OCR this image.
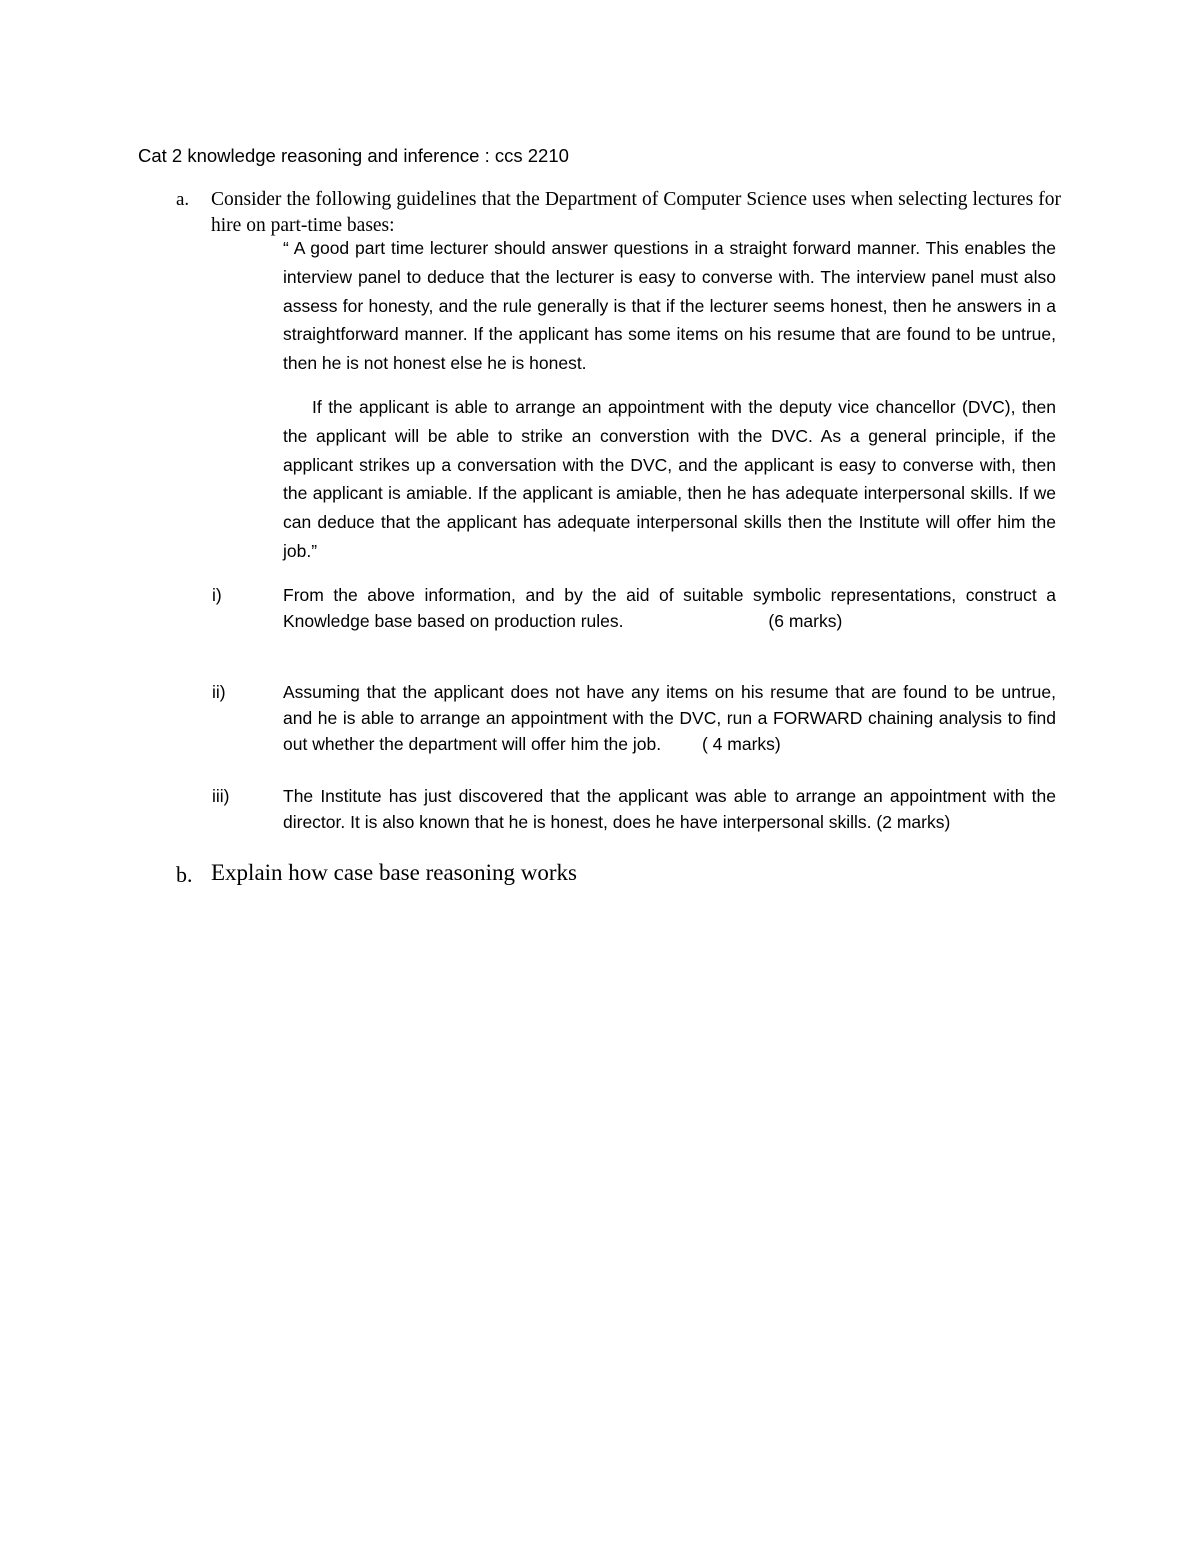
Cat 2 knowledge reasoning and inference : ccs 2210
a. Consider the following guidelines that the Department of Computer Science uses when selecting lectures for hire on part-time bases:
“ A good part time lecturer should answer questions in a straight forward manner. This enables the interview panel to deduce that the lecturer is easy to converse with. The interview panel must also assess for honesty, and the rule generally is that if the lecturer seems honest, then he answers in a straightforward manner. If the applicant has some items on his resume that are found to be untrue, then he is not honest else he is honest.
If the applicant is able to arrange an appointment with the deputy vice chancellor (DVC), then the applicant will be able to strike an converstion with the DVC. As a general principle, if the applicant strikes up a conversation with the DVC, and the applicant is easy to converse with, then the applicant is amiable. If the applicant is amiable, then he has adequate interpersonal skills. If we can deduce that the applicant has adequate interpersonal skills then the Institute will offer him the job.”
i)	From the above information, and by the aid of suitable symbolic representations, construct a Knowledge base based on production rules.	(6 marks)
ii)	Assuming that the applicant does not have any items on his resume that are found to be untrue, and he is able to arrange an appointment with the DVC, run a FORWARD chaining analysis to find out whether the department will offer him the job. ( 4 marks)
iii)	The Institute has just discovered that the applicant was able to arrange an appointment with the director. It is also known that he is honest, does he have interpersonal skills. (2 marks)
b. Explain how case base reasoning works
